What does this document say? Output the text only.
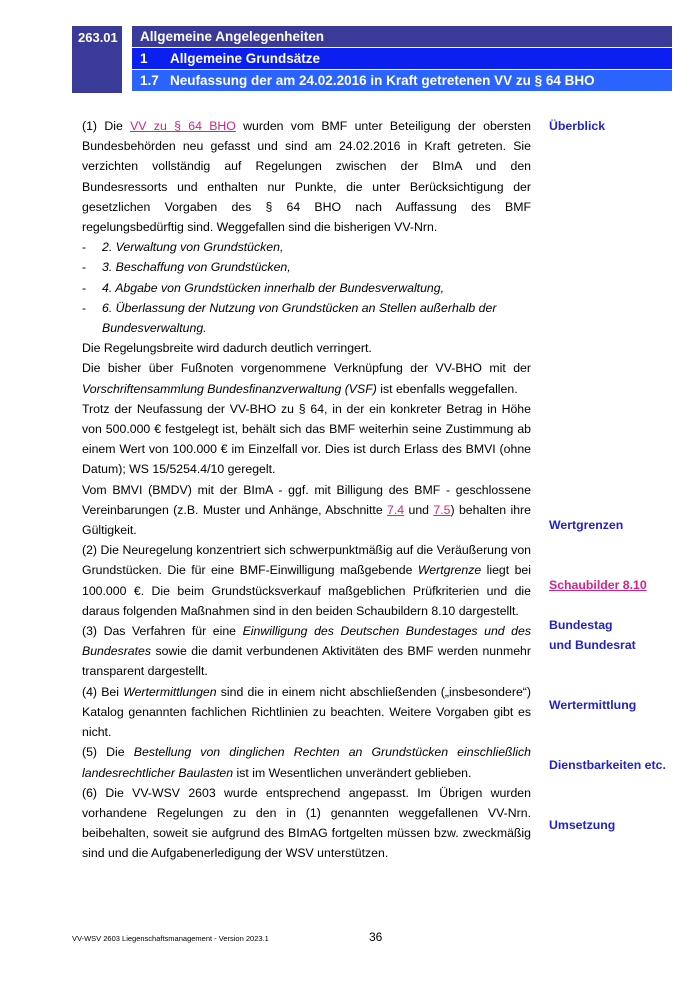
263.01	Allgemeine Angelegenheiten
1 Allgemeine Grundsätze
1.7 Neufassung der am 24.02.2016 in Kraft getretenen VV zu § 64 BHO

(1) Die VV zu § 64 BHO wurden vom BMF unter Beteiligung der obersten Bundesbehörden neu gefasst und sind am 24.02.2016 in Kraft getreten. Sie verzichten vollständig auf Regelungen zwischen der BImA und den Bundesressorts und enthalten nur Punkte, die unter Berücksichtigung der gesetzlichen Vorgaben des § 64 BHO nach Auffassung des BMF regelungsbedürftig sind. Weggefallen sind die bisherigen VV-Nrn.

- 2. Verwaltung von Grundstücken,
- 3. Beschaffung von Grundstücken,
- 4. Abgabe von Grundstücken innerhalb der Bundesverwaltung,
- 6. Überlassung der Nutzung von Grundstücken an Stellen außerhalb der Bundesverwaltung.

Die Regelungsbreite wird dadurch deutlich verringert.

Die bisher über Fußnoten vorgenommene Verknüpfung der VV-BHO mit der Vorschriftensammlung Bundesfinanzverwaltung (VSF) ist ebenfalls weggefallen.

Trotz der Neufassung der VV-BHO zu § 64, in der ein konkreter Betrag in Höhe von 500.000 € festgelegt ist, behält sich das BMF weiterhin seine Zustimmung ab einem Wert von 100.000 € im Einzelfall vor. Dies ist durch Erlass des BMVI (ohne Datum); WS 15/5254.4/10 geregelt.

Vom BMVI (BMDV) mit der BImA - ggf. mit Billigung des BMF - geschlossene Vereinbarungen (z.B. Muster und Anhänge, Abschnitte 7.4 und 7.5) behalten ihre Gültigkeit.

(2) Die Neuregelung konzentriert sich schwerpunktmäßig auf die Veräußerung von Grundstücken. Die für eine BMF-Einwilligung maßgebende Wertgrenze liegt bei 100.000 €. Die beim Grundstücksverkauf maßgeblichen Prüfkriterien und die daraus folgenden Maßnahmen sind in den beiden Schaubildern 8.10 dargestellt.

(3) Das Verfahren für eine Einwilligung des Deutschen Bundestages und des Bundesrates sowie die damit verbundenen Aktivitäten des BMF werden nunmehr transparent dargestellt.

(4) Bei Wertermittlungen sind die in einem nicht abschließenden („insbesondere“) Katalog genannten fachlichen Richtlinien zu beachten. Weitere Vorgaben gibt es nicht.

(5) Die Bestellung von dinglichen Rechten an Grundstücken einschließlich landesrechtlicher Baulasten ist im Wesentlichen unverändert geblieben.

(6) Die VV-WSV 2603 wurde entsprechend angepasst. Im Übrigen wurden vorhandene Regelungen zu den in (1) genannten weggefallenen VV-Nrn. beibehalten, soweit sie aufgrund des BImAG fortgelten müssen bzw. zweckmäßig sind und die Aufgabenerledigung der WSV unterstützen.

Überblick
Wertgrenzen
Schaubilder 8.10
Bundestag
und Bundesrat
Wertermittlung
Dienstbarkeiten etc.
Umsetzung
VV-WSV 2603 Liegenschaftsmanagement - Version 2023.1	36
